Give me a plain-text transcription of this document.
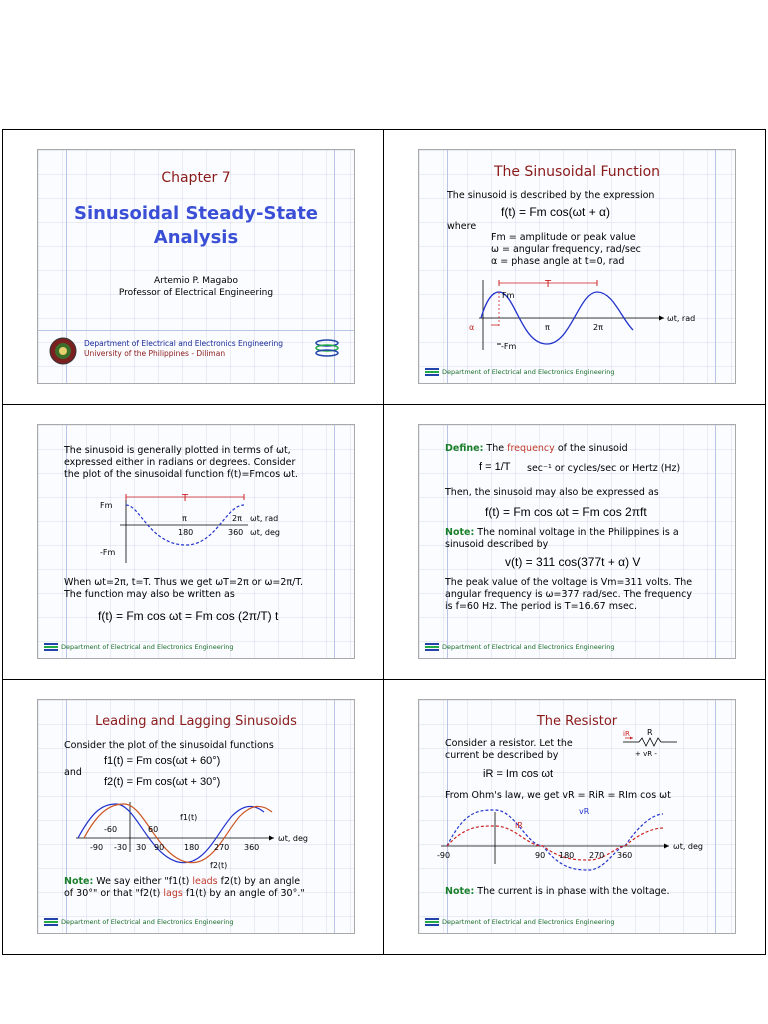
Chapter 7
Sinusoidal Steady-State
Analysis
Artemio P. Magabo
Professor of Electrical Engineering
Department of Electrical and Electronics Engineering
University of the Philippines - Diliman
The Sinusoidal Function
The sinusoid is described by the expression
f(t) = Fm cos(ωt + α)
where
Fm = amplitude or peak value
ω = angular frequency, rad/sec
α = phase angle at t=0, rad
T
Fm
-Fm
α	π	2π
ωt, rad
Department of Electrical and Electronics Engineering
The sinusoid is generally plotted in terms of ωt,
expressed either in radians or degrees. Consider
the plot of the sinusoidal function f(t)=Fmcos ωt.
T
Fm
-Fm
π	2π ωt, rad
180	360 ωt, deg
When ωt=2π, t=T. Thus we get ωT=2π or ω=2π/T.
The function may also be written as
f(t) = Fm cos ωt = Fm cos (2π/T) t
Department of Electrical and Electronics Engineering
Define: The frequency of the sinusoid
f = 1/T sec⁻¹ or cycles/sec or Hertz (Hz)
Then, the sinusoid may also be expressed as
f(t) = Fm cos ωt = Fm cos 2πft
Note: The nominal voltage in the Philippines is a
sinusoid described by
v(t) = 311 cos(377t + α) V
The peak value of the voltage is Vm=311 volts. The
angular frequency is ω=377 rad/sec. The frequency
is f=60 Hz. The period is T=16.67 msec.
Department of Electrical and Electronics Engineering
Leading and Lagging Sinusoids
Consider the plot of the sinusoidal functions
f1(t) = Fm cos(ωt + 60°)
and
f2(t) = Fm cos(ωt + 30°)
f1(t)
f2(t)
-60	60
-90 -30 30 90 180 270 360
ωt, deg
Note: We say either "f1(t) leads f2(t) by an angle
of 30°" or that "f2(t) lags f1(t) by an angle of 30°."
Department of Electrical and Electronics Engineering
The Resistor
Consider a resistor. Let the
current be described by
iR R
+ vR -
iR = Im cos ωt
From Ohm's law, we get vR = RiR = RIm cos ωt
vR
iR
-90	90 180 270 360
ωt, deg
Note: The current is in phase with the voltage.
Department of Electrical and Electronics Engineering
